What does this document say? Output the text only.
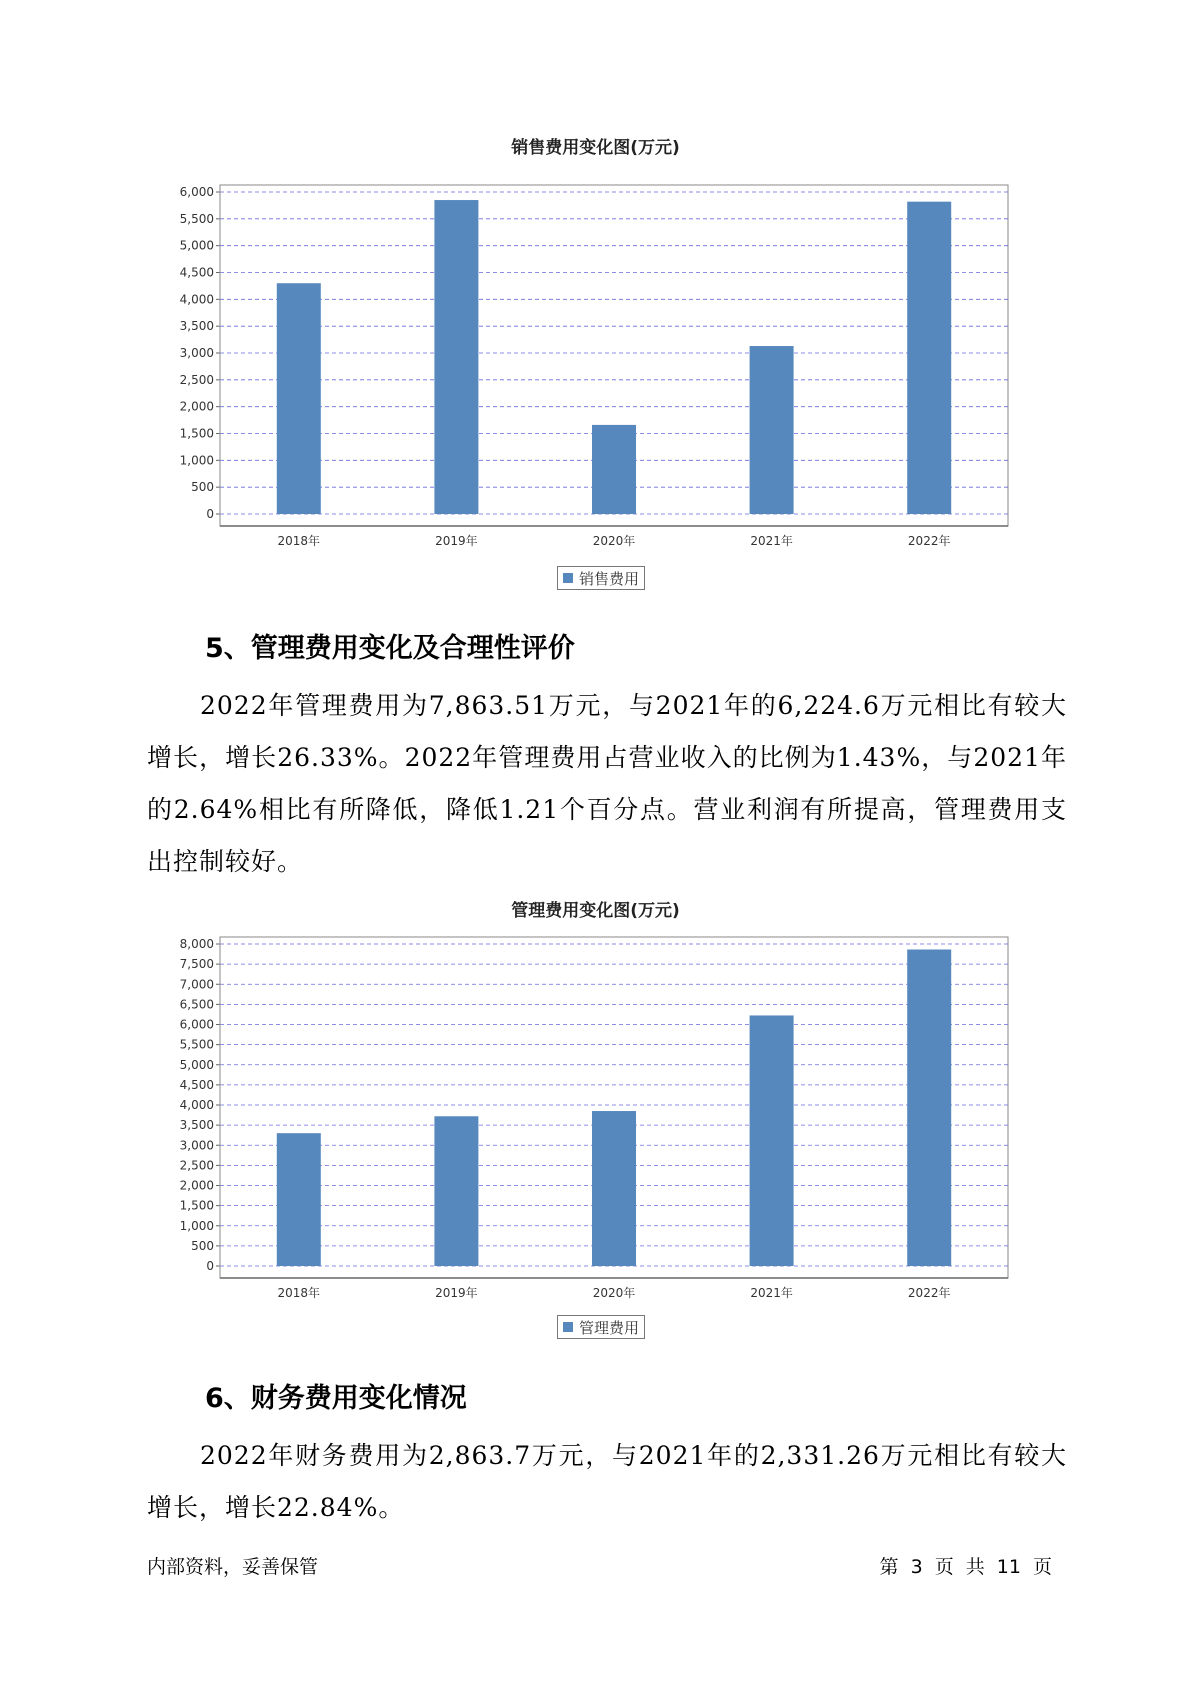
销售费用变化图(万元)
0
500
1,000
1,500
2,000
2,500
3,000
3,500
4,000
4,500
5,000
5,500
6,000
2018年	2019年	2020年	2021年	2022年
销售费用
5、管理费用变化及合理性评价
2022年管理费用为7,863.51万元，与2021年的6,224.6万元相比有较大增长，增长26.33%。2022年管理费用占营业收入的比例为1.43%，与2021年的2.64%相比有所降低，降低1.21个百分点。营业利润有所提高，管理费用支出控制较好。
管理费用变化图(万元)
0
500
1,000
1,500
2,000
2,500
3,000
3,500
4,000
4,500
5,000
5,500
6,000
6,500
7,000
7,500
8,000
2018年	2019年	2020年	2021年	2022年
管理费用
6、财务费用变化情况
2022年财务费用为2,863.7万元，与2021年的2,331.26万元相比有较大增长，增长22.84%。
内部资料，妥善保管	第 3 页 共 11 页
